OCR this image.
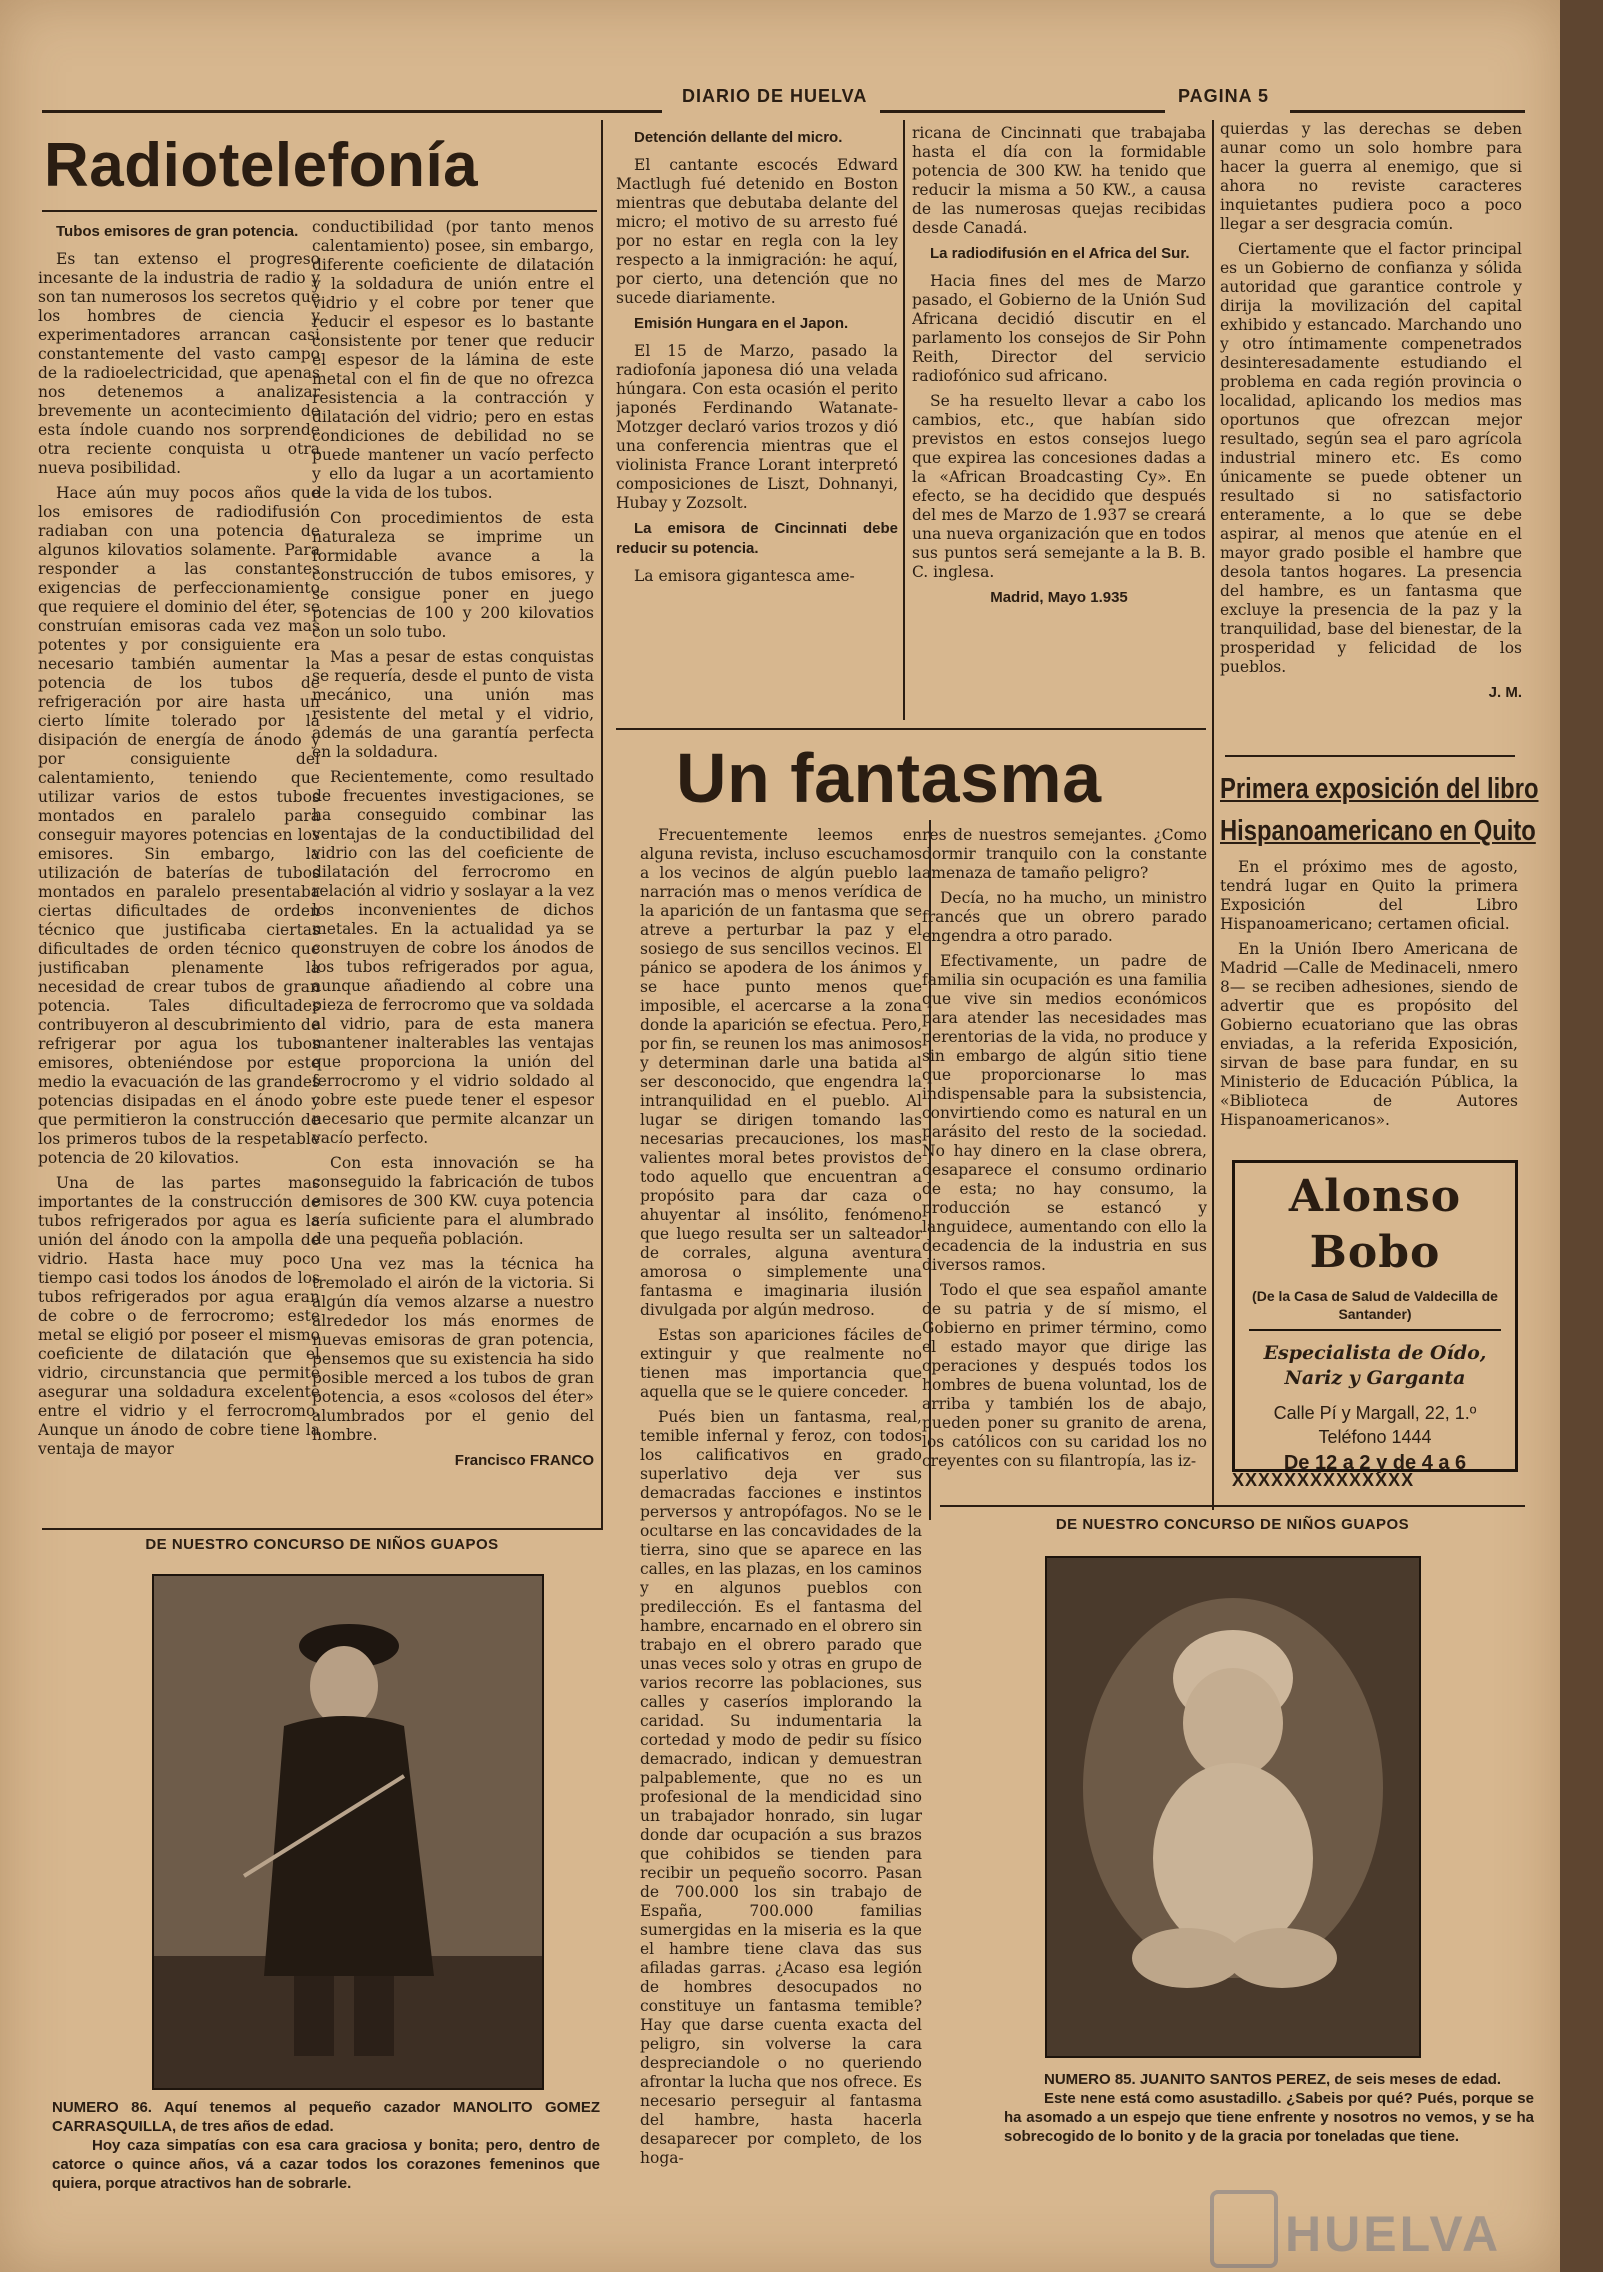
DIARIO DE HUELVA	PAGINA 5
Radiotelefonía
Tubos emisores de gran potencia.

Es tan extenso el progreso incesante de la industria de radio y son tan numerosos los secretos que los hombres de ciencia y experimentadores arrancan casi constantemente del vasto campo de la radioelectricidad, que apenas nos detenemos a analizar brevemente un acontecimiento de esta índole cuando nos sorprende otra reciente conquista u otra nueva posibilidad.

Hace aún muy pocos años que los emisores de radiodifusión radiaban con una potencia de algunos kilovatios solamente. Para responder a las constantes exigencias de perfeccionamiento que requiere el dominio del éter, se construían emisoras cada vez mas potentes y por consiguiente era necesario también aumentar la potencia de los tubos de refrigeración por aire hasta un cierto límite tolerado por la disipación de energía de ánodo y por consiguiente del calentamiento, teniendo que utilizar varios de estos tubos montados en paralelo para conseguir mayores potencias en los emisores. Sin embargo, la utilización de baterías de tubos montados en paralelo presentaba ciertas dificultades de orden técnico que justificaba ciertas dificultades de orden técnico que justificaban plenamente la necesidad de crear tubos de gran potencia. Tales dificultades contribuyeron al descubrimiento de refrigerar por agua los tubos emisores, obteniéndose por este medio la evacuación de las grandes potencias disipadas en el ánodo y que permitieron la construcción de los primeros tubos de la respetable potencia de 20 kilovatios.

Una de las partes mas importantes de la construcción de tubos refrigerados por agua es la unión del ánodo con la ampolla de vidrio. Hasta hace muy poco tiempo casi todos los ánodos de los tubos refrigerados por agua eran de cobre o de ferrocromo; este metal se eligió por poseer el mismo coeficiente de dilatación que el vidrio, circunstancia que permite asegurar una soldadura excelente entre el vidrio y el ferrocromo. Aunque un ánodo de cobre tiene la ventaja de mayor

conductibilidad (por tanto menos calentamiento) posee, sin embargo, diferente coeficiente de dilatación y la soldadura de unión entre el vidrio y el cobre por tener que reducir el espesor es lo bastante consistente por tener que reducir el espesor de la lámina de este metal con el fin de que no ofrezca resistencia a la contracción y dilatación del vidrio; pero en estas condiciones de debilidad no se puede mantener un vacío perfecto y ello da lugar a un acortamiento de la vida de los tubos.

Con procedimientos de esta naturaleza se imprime un formidable avance a la construcción de tubos emisores, y se consigue poner en juego potencias de 100 y 200 kilovatios con un solo tubo.

Mas a pesar de estas conquistas se requería, desde el punto de vista mecánico, una unión mas resistente del metal y el vidrio, además de una garantía perfecta en la soldadura.

Recientemente, como resultado de frecuentes investigaciones, se ha conseguido combinar las ventajas de la conductibilidad del vidrio con las del coeficiente de dilatación del ferrocromo en relación al vidrio y soslayar a la vez los inconvenientes de dichos metales. En la actualidad ya se construyen de cobre los ánodos de los tubos refrigerados por agua, aunque añadiendo al cobre una pieza de ferrocromo que va soldada al vidrio, para de esta manera mantener inalterables las ventajas que proporciona la unión del ferrocromo y el vidrio soldado al cobre este puede tener el espesor necesario que permite alcanzar un vacío perfecto.

Con esta innovación se ha conseguido la fabricación de tubos emisores de 300 KW. cuya potencia sería suficiente para el alumbrado de una pequeña población.

Una vez mas la técnica ha tremolado el airón de la victoria. Si algún día vemos alzarse a nuestro alrededor los más enormes de nuevas emisoras de gran potencia, pensemos que su existencia ha sido posible merced a los tubos de gran potencia, a esos «colosos del éter» alumbrados por el genio del hombre.

Francisco FRANCO
Detención dellante del micro.

El cantante escocés Edward Mactlugh fué detenido en Boston mientras que debutaba delante del micro; el motivo de su arresto fué por no estar en regla con la ley respecto a la inmigración: he aquí, por cierto, una detención que no sucede diariamente.

Emisión Hungara en el Japon.

El 15 de Marzo, pasado la radiofonía japonesa dió una velada húngara. Con esta ocasión el perito japonés Ferdinando Watanate-Motzger declaró varios trozos y dió una conferencia mientras que el violinista France Lorant interpretó composiciones de Liszt, Dohnanyi, Hubay y Zozsolt.

La emisora de Cincinnati debe reducir su potencia.

La emisora gigantesca ame-

ricana de Cincinnati que trabajaba hasta el día con la formidable potencia de 300 KW. ha tenido que reducir la misma a 50 KW., a causa de las numerosas quejas recibidas desde Canadá.

La radiodifusión en el Africa del Sur.

Hacia fines del mes de Marzo pasado, el Gobierno de la Unión Sud Africana decidió discutir en el parlamento los consejos de Sir Pohn Reith, Director del servicio radiofónico sud africano.

Se ha resuelto llevar a cabo los cambios, etc., que habían sido previstos en estos consejos luego que expirea las concesiones dadas a la «African Broadcasting Cy». En efecto, se ha decidido que después del mes de Marzo de 1.937 se creará una nueva organización que en todos sus puntos será semejante a la B. B. C. inglesa.

Madrid, Mayo 1.935

quierdas y las derechas se deben aunar como un solo hombre para hacer la guerra al enemigo, que si ahora no reviste caracteres inquietantes pudiera poco a poco llegar a ser desgracia común.

Ciertamente que el factor principal es un Gobierno de confianza y sólida autoridad que garantice controle y dirija la movilización del capital exhibido y estancado. Marchando uno y otro íntimamente compenetrados desinteresadamente estudiando el problema en cada región provincia o localidad, aplicando los medios mas oportunos que ofrezcan mejor resultado, según sea el paro agrícola industrial minero etc. Es como únicamente se puede obtener un resultado si no satisfactorio enteramente, a lo que se debe aspirar, al menos que atenúe en el mayor grado posible el hambre que desola tantos hogares. La presencia del hambre, es un fantasma que excluye la presencia de la paz y la tranquilidad, base del bienestar, de la prosperidad y felicidad de los pueblos.

J. M.
Un fantasma

Frecuentemente leemos en alguna revista, incluso escuchamos a los vecinos de algún pueblo la narración mas o menos verídica de la aparición de un fantasma que se atreve a perturbar la paz y el sosiego de sus sencillos vecinos. El pánico se apodera de los ánimos y se hace punto menos que imposible, el acercarse a la zona donde la aparición se efectua. Pero, por fin, se reunen los mas animosos y determinan darle una batida al ser desconocido, que engendra la intranquilidad en el pueblo. Al lugar se dirigen tomando las necesarias precauciones, los mas valientes moral betes provistos de todo aquello que encuentran a propósito para dar caza o ahuyentar al insólito, fenómeno que luego resulta ser un salteador de corrales, alguna aventura amorosa o simplemente una fantasma e imaginaria ilusión divulgada por algún medroso.

Estas son apariciones fáciles de extinguir y que realmente no tienen mas importancia que aquella que se le quiere conceder.

Pués bien un fantasma, real, temible infernal y feroz, con todos los calificativos en grado superlativo deja ver sus demacradas facciones e instintos perversos y antropófagos. No se le ocultarse en las concavidades de la tierra, sino que se aparece en las calles, en las plazas, en los caminos y en algunos pueblos con predilección. Es el fantasma del hambre, encarnado en el obrero sin trabajo en el obrero parado que unas veces solo y otras en grupo de varios recorre las poblaciones, sus calles y caseríos implorando la caridad. Su indumentaria la cortedad y modo de pedir su físico demacrado, indican y demuestran palpablemente, que no es un profesional de la mendicidad sino un trabajador honrado, sin lugar donde dar ocupación a sus brazos que cohibidos se tienden para recibir un pequeño socorro. Pasan de 700.000 los sin trabajo de España, 700.000 familias sumergidas en la miseria es la que el hambre tiene clava das sus afiladas garras. ¿Acaso esa legión de hombres desocupados no constituye un fantasma temible? Hay que darse cuenta exacta del peligro, sin volverse la cara despreciandole o no queriendo afrontar la lucha que nos ofrece. Es necesario perseguir al fantasma del hambre, hasta hacerla desaparecer por completo, de los hoga-

res de nuestros semejantes. ¿Como dormir tranquilo con la constante amenaza de tamaño peligro?

Decía, no ha mucho, un ministro francés que un obrero parado engendra a otro parado.

Efectivamente, un padre de familia sin ocupación es una familia que vive sin medios económicos para atender las necesidades mas perentorias de la vida, no produce y sin embargo de algún sitio tiene que proporcionarse lo mas indispensable para la subsistencia, convirtiendo como es natural en un parásito del resto de la sociedad. No hay dinero en la clase obrera, desaparece el consumo ordinario de esta; no hay consumo, la producción se estancó y languidece, aumentando con ello la decadencia de la industria en sus diversos ramos.

Todo el que sea español amante de su patria y de sí mismo, el Gobierno en primer término, como el estado mayor que dirige las operaciones y después todos los hombres de buena voluntad, los de arriba y también los de abajo, pueden poner su granito de arena, los católicos con su caridad los no creyentes con su filantropía, las iz-

Primera exposición del libro
Hispanoamericano en Quito

En el próximo mes de agosto, tendrá lugar en Quito la primera Exposición del Libro Hispanoamericano; certamen oficial.

En la Unión Ibero Americana de Madrid —Calle de Medinaceli, nmero 8— se reciben adhesiones, siendo de advertir que es propósito del Gobierno ecuatoriano que las obras enviadas, a la referida Exposición, sirvan de base para fundar, en su Ministerio de Educación Pública, la «Biblioteca de Autores Hispanoamericanos».

Alonso Bobo
(De la Casa de Salud de Valdecilla de Santander)
Especialista de Oído, Nariz y Garganta
Calle Pí y Margall, 22, 1.º
Teléfono 1444
De 12 a 2 y de 4 a 6
XXXXXXXXXXXXXX
DE NUESTRO CONCURSO DE NIÑOS GUAPOS
NUMERO 86. Aquí tenemos al pequeño cazador MANOLITO GOMEZ CARRASQUILLA, de tres años de edad.
Hoy caza simpatías con esa cara graciosa y bonita; pero, dentro de catorce o quince años, vá a cazar todos los corazones femeninos que quiera, porque atractivos han de sobrarle.
DE NUESTRO CONCURSO DE NIÑOS GUAPOS
NUMERO 85. JUANITO SANTOS PEREZ, de seis meses de edad.
Este nene está como asustadillo. ¿Sabeis por qué? Pués, porque se ha asomado a un espejo que tiene enfrente y nosotros no vemos, y se ha sobrecogido de lo bonito y de la gracia por toneladas que tiene.
HUELVA
